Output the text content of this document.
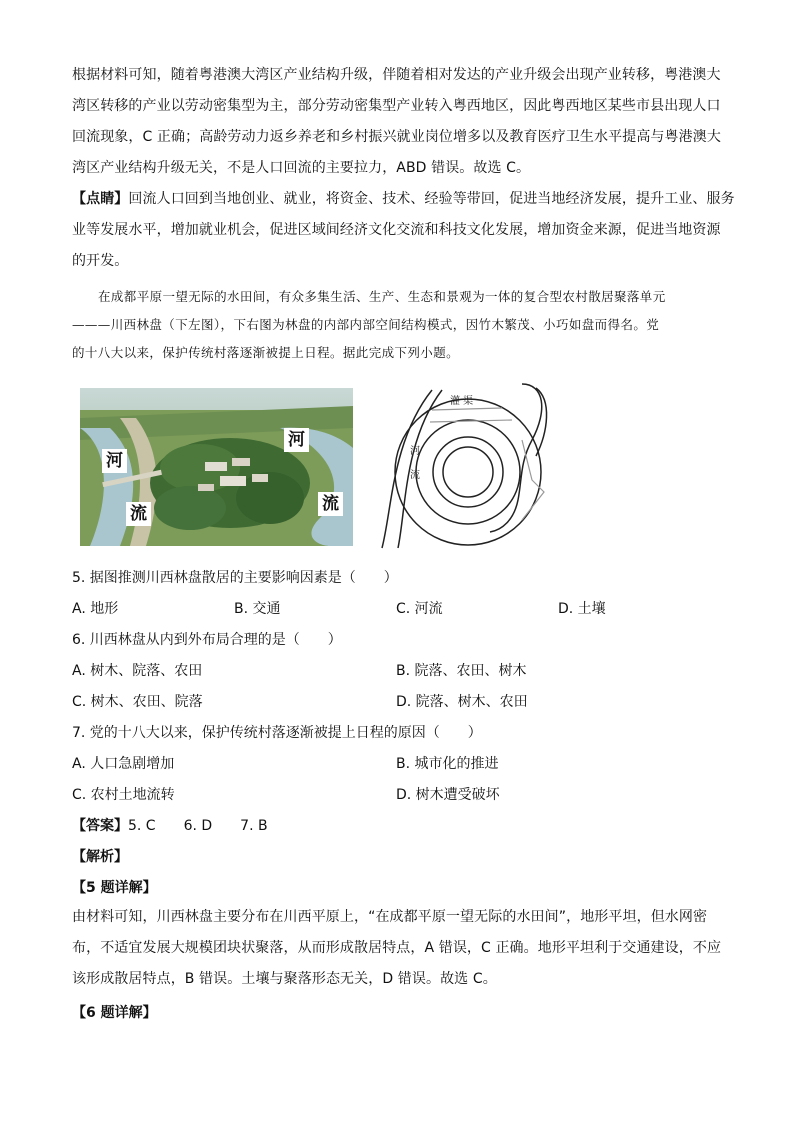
根据材料可知，随着粤港澳大湾区产业结构升级，伴随着相对发达的产业升级会出现产业转移，粤港澳大
湾区转移的产业以劳动密集型为主，部分劳动密集型产业转入粤西地区，因此粤西地区某些市县出现人口
回流现象，C 正确；高龄劳动力返乡养老和乡村振兴就业岗位增多以及教育医疗卫生水平提高与粤港澳大
湾区产业结构升级无关，不是人口回流的主要拉力，ABD 错误。故选 C。
【点睛】回流人口回到当地创业、就业，将资金、技术、经验等带回，促进当地经济发展，提升工业、服务
业等发展水平，增加就业机会，促进区域间经济文化交流和科技文化发展，增加资金来源，促进当地资源
的开发。
在成都平原一望无际的水田间，有众多集生活、生产、生态和景观为一体的复合型农村散居聚落单元
———川西林盘（下左图），下右图为林盘的内部内部空间结构模式，因竹木繁茂、小巧如盘而得名。党
的十八大以来，保护传统村落逐渐被提上日程。据此完成下列小题。
河
河
流	流
灌 渠
河
流
5. 据图推测川西林盘散居的主要影响因素是（　　）
A. 地形	B. 交通	C. 河流	D. 土壤
6. 川西林盘从内到外布局合理的是（　　）
A. 树木、院落、农田	B. 院落、农田、树木
C. 树木、农田、院落	D. 院落、树木、农田
7. 党的十八大以来，保护传统村落逐渐被提上日程的原因（　　）
A. 人口急剧增加	B. 城市化的推进
C. 农村土地流转	D. 树木遭受破坏
【答案】5. C　　6. D　　7. B
【解析】
【5 题详解】
由材料可知，川西林盘主要分布在川西平原上，“在成都平原一望无际的水田间”，地形平坦，但水网密
布，不适宜发展大规模团块状聚落，从而形成散居特点，A 错误，C 正确。地形平坦利于交通建设，不应
该形成散居特点，B 错误。土壤与聚落形态无关，D 错误。故选 C。
【6 题详解】
